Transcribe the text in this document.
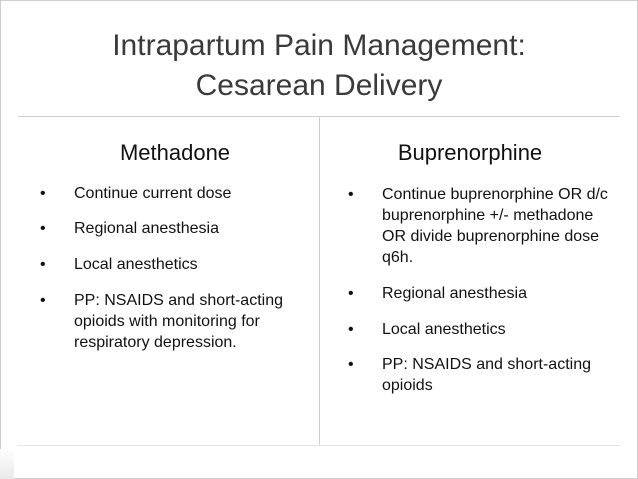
Intrapartum Pain Management:
Cesarean Delivery
Methadone	Buprenorphine
• Continue current dose
• Regional anesthesia
• Local anesthetics
• PP: NSAIDS and short-acting opioids with monitoring for respiratory depression.
• Continue buprenorphine OR d/c buprenorphine +/- methadone OR divide buprenorphine dose q6h.
• Regional anesthesia
• Local anesthetics
• PP: NSAIDS and short-acting opioids
